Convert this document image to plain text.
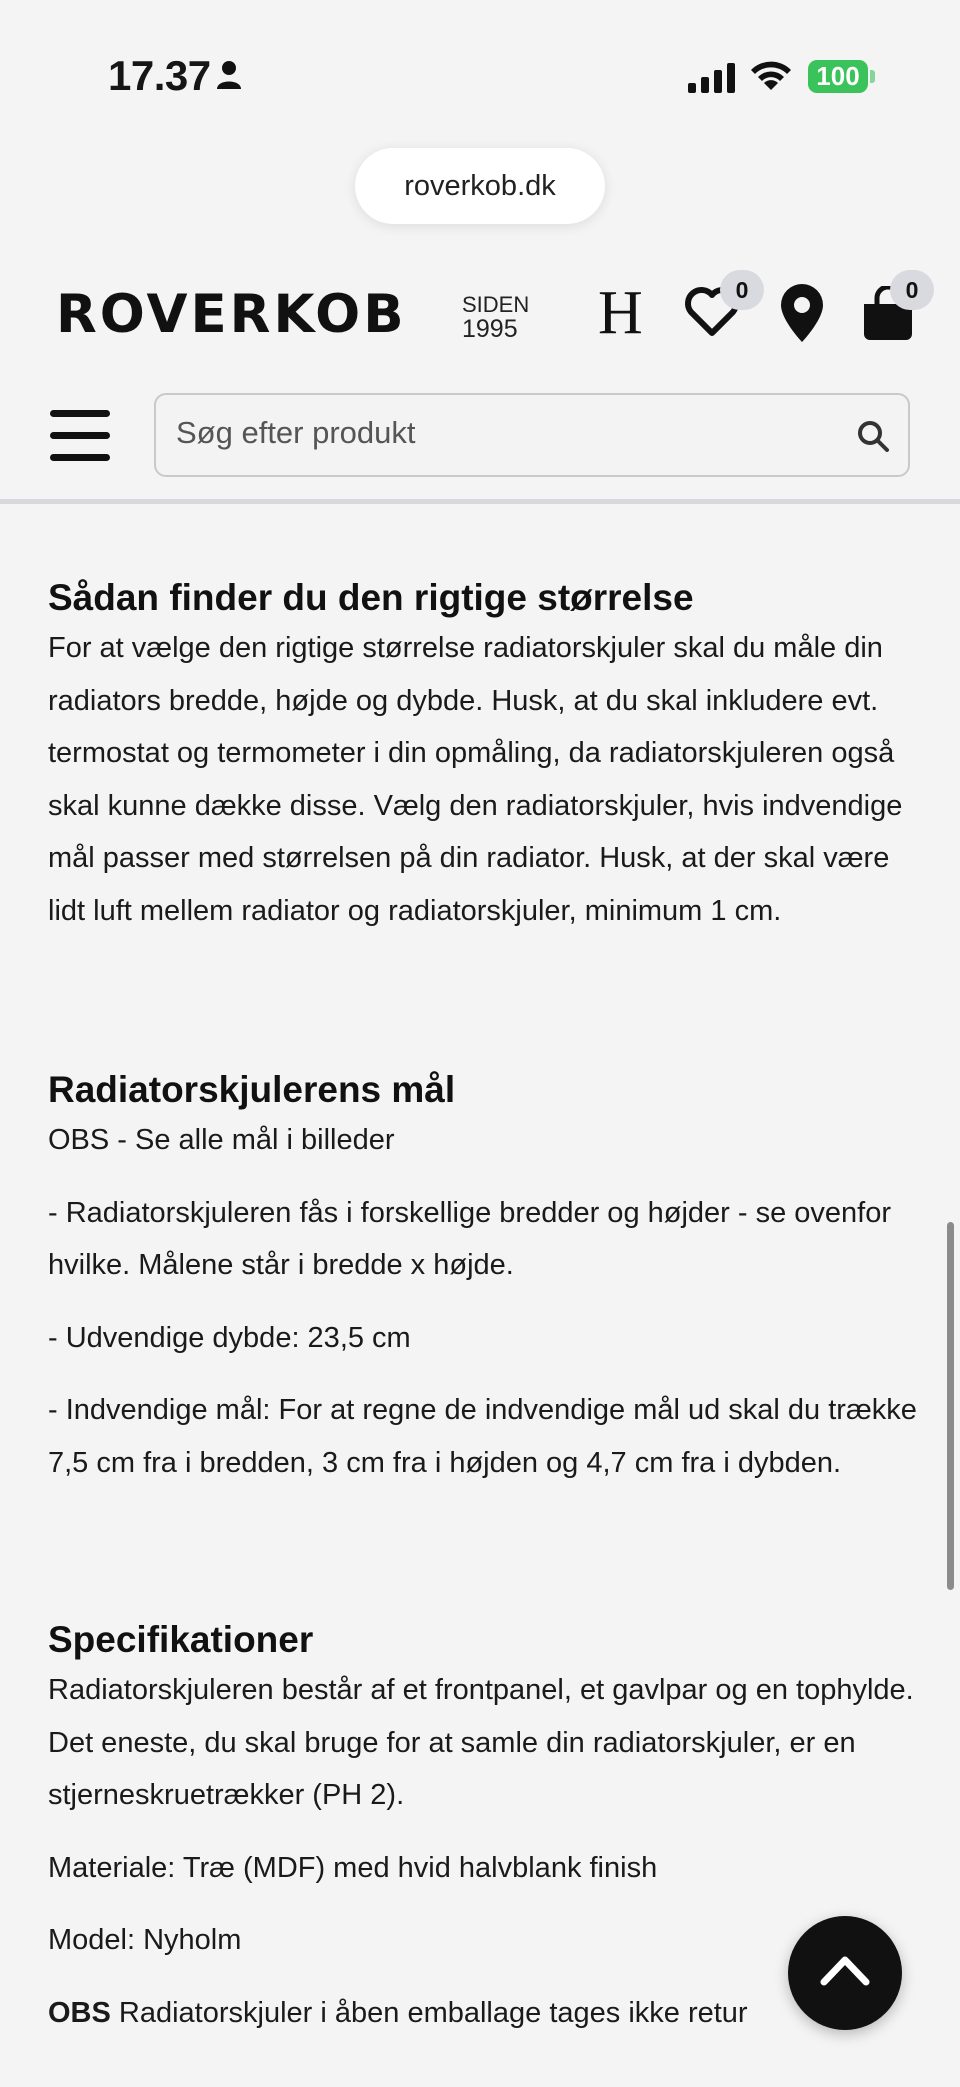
17.37	100
roverkob.dk
ROVERKOB	SIDEN
1995 H	0	0
Søg efter produkt
Sådan finder du den rigtige størrelse

For at vælge den rigtige størrelse radiatorskjuler skal du måle din radiators bredde, højde og dybde. Husk, at du skal inkludere evt. termostat og termometer i din opmåling, da radiatorskjuleren også skal kunne dække disse. Vælg den radiatorskjuler, hvis indvendige mål passer med størrelsen på din radiator. Husk, at der skal være lidt luft mellem radiator og radiatorskjuler, minimum 1 cm.

Radiatorskjulerens mål

OBS - Se alle mål i billeder

- Radiatorskjuleren fås i forskellige bredder og højder - se ovenfor hvilke. Målene står i bredde x højde.

- Udvendige dybde: 23,5 cm

- Indvendige mål: For at regne de indvendige mål ud skal du trække 7,5 cm fra i bredden, 3 cm fra i højden og 4,7 cm fra i dybden.

Specifikationer

Radiatorskjuleren består af et frontpanel, et gavlpar og en tophylde. Det eneste, du skal bruge for at samle din radiatorskjuler, er en stjerneskruetrækker (PH 2).

Materiale: Træ (MDF) med hvid halvblank finish

Model: Nyholm

OBS Radiatorskjuler i åben emballage tages ikke retur
